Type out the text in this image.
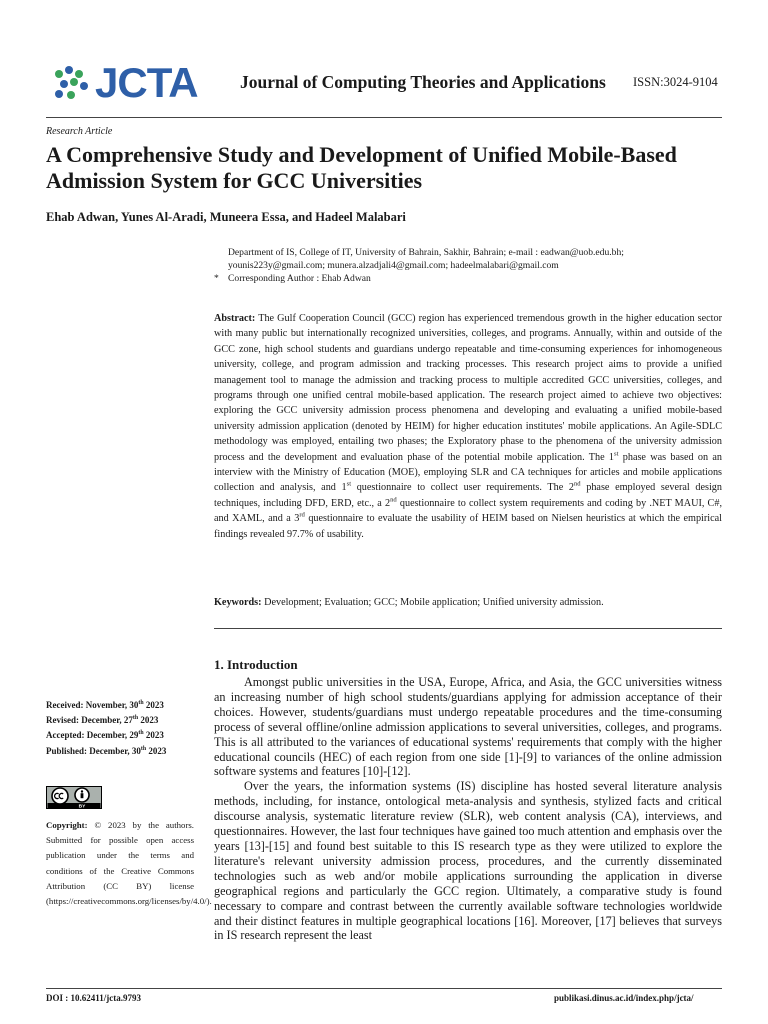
JCTA Journal of Computing Theories and Applications ISSN:3024-9104
Research Article
A Comprehensive Study and Development of Unified Mobile-Based Admission System for GCC Universities
Ehab Adwan, Yunes Al-Aradi, Muneera Essa, and Hadeel Malabari
Department of IS, College of IT, University of Bahrain, Sakhir, Bahrain; e-mail : eadwan@uob.edu.bh; younis223y@gmail.com; munera.alzadjali4@gmail.com; hadeelmalabari@gmail.com
* Corresponding Author : Ehab Adwan
Abstract: The Gulf Cooperation Council (GCC) region has experienced tremendous growth in the higher education sector with many public but internationally recognized universities, colleges, and programs. Annually, within and outside of the GCC zone, high school students and guardians undergo repeatable and time-consuming experiences for inhomogeneous university, college, and program admission and tracking processes. This research project aims to provide a unified management tool to manage the admission and tracking process to multiple accredited GCC universities, colleges, and programs through one unified central mobile-based application. The research project aimed to achieve two objectives: exploring the GCC university admission process phenomena and developing and evaluating a unified mobile-based university admission application (denoted by HEIM) for higher education institutes' mobile applications. An Agile-SDLC methodology was employed, entailing two phases; the Exploratory phase to the phenomena of the university admission process and the development and evaluation phase of the potential mobile application. The 1st phase was based on an interview with the Ministry of Education (MOE), employing SLR and CA techniques for articles and mobile applications collection and analysis, and 1st questionnaire to collect user requirements. The 2nd phase employed several design techniques, including DFD, ERD, etc., a 2nd questionnaire to collect system requirements and coding by .NET MAUI, C#, and XAML, and a 3rd questionnaire to evaluate the usability of HEIM based on Nielsen heuristics at which the empirical findings revealed 97.7% of usability.
Keywords: Development; Evaluation; GCC; Mobile application; Unified university admission.
1. Introduction

Amongst public universities in the USA, Europe, Africa, and Asia, the GCC universities witness an increasing number of high school students/guardians applying for admission acceptance of their choices. However, students/guardians must undergo repeatable procedures and the time-consuming process of several offline/online admission applications to several universities, colleges, and programs. This is all attributed to the variances of educational systems' requirements that comply with the higher educational councils (HEC) of each region from one side [1]-[9] to variances of the online admission software systems and features [10]-[12].

Over the years, the information systems (IS) discipline has hosted several literature analysis methods, including, for instance, ontological meta-analysis and synthesis, stylized facts and critical discourse analysis, systematic literature review (SLR), web content analysis (CA), interviews, and questionnaires. However, the last four techniques have gained too much attention and emphasis over the years [13]-[15] and found best suitable to this IS research type as they were utilized to explore the literature's relevant university admission process, procedures, and the currently disseminated technologies such as web and/or mobile applications surrounding the application in diverse geographical regions and particularly the GCC region. Ultimately, a comparative study is found necessary to compare and contrast between the currently available software technologies worldwide and their distinct features in multiple geographical locations [16]. Moreover, [17] believes that surveys in IS research represent the least

Received: November, 30th 2023
Revised: December, 27th 2023
Accepted: December, 29th 2023
Published: December, 30th 2023
BY
Copyright: © 2023 by the authors. Submitted for possible open access publication under the terms and conditions of the Creative Commons Attribution (CC BY) license (https://creativecommons.org/licenses/by/4.0/).
DOI : 10.62411/jcta.9793	publikasi.dinus.ac.id/index.php/jcta/
